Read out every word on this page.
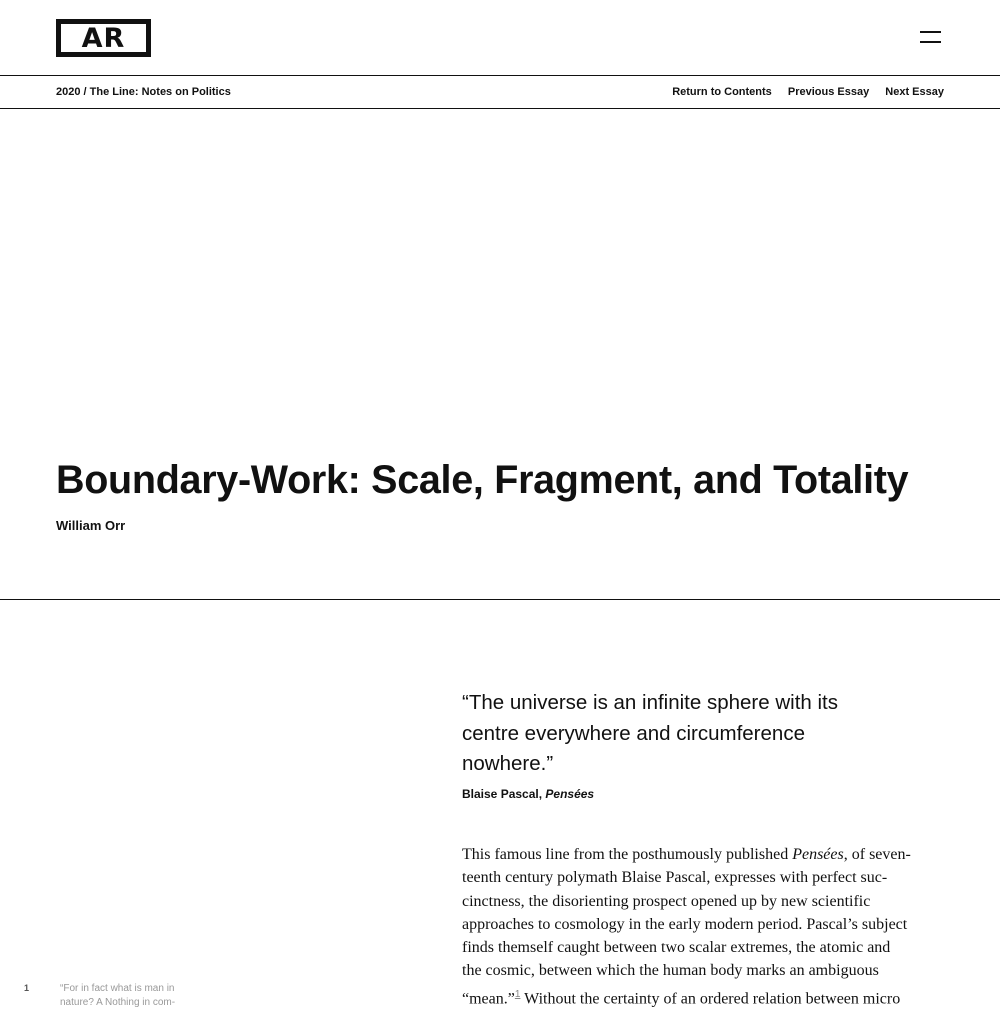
AR
2020 / The Line: Notes on Politics	Return to Contents Previous Essay Next Essay
Boundary-Work: Scale, Fragment, and Totality
William Orr
“The universe is an infinite sphere with its
centre everywhere and circumference
nowhere.”
Blaise Pascal, Pensées

This famous line from the posthumously published Pensées, of seven-
teenth century polymath Blaise Pascal, expresses with perfect suc-
cinctness, the disorienting prospect opened up by new scientific
approaches to cosmology in the early modern period. Pascal’s subject
finds themself caught between two scalar extremes, the atomic and
the cosmic, between which the human body marks an ambiguous
“mean.”$^1$ Without the certainty of an ordered relation between micro

1	“For in fact what is man in
nature? A Nothing in com-
